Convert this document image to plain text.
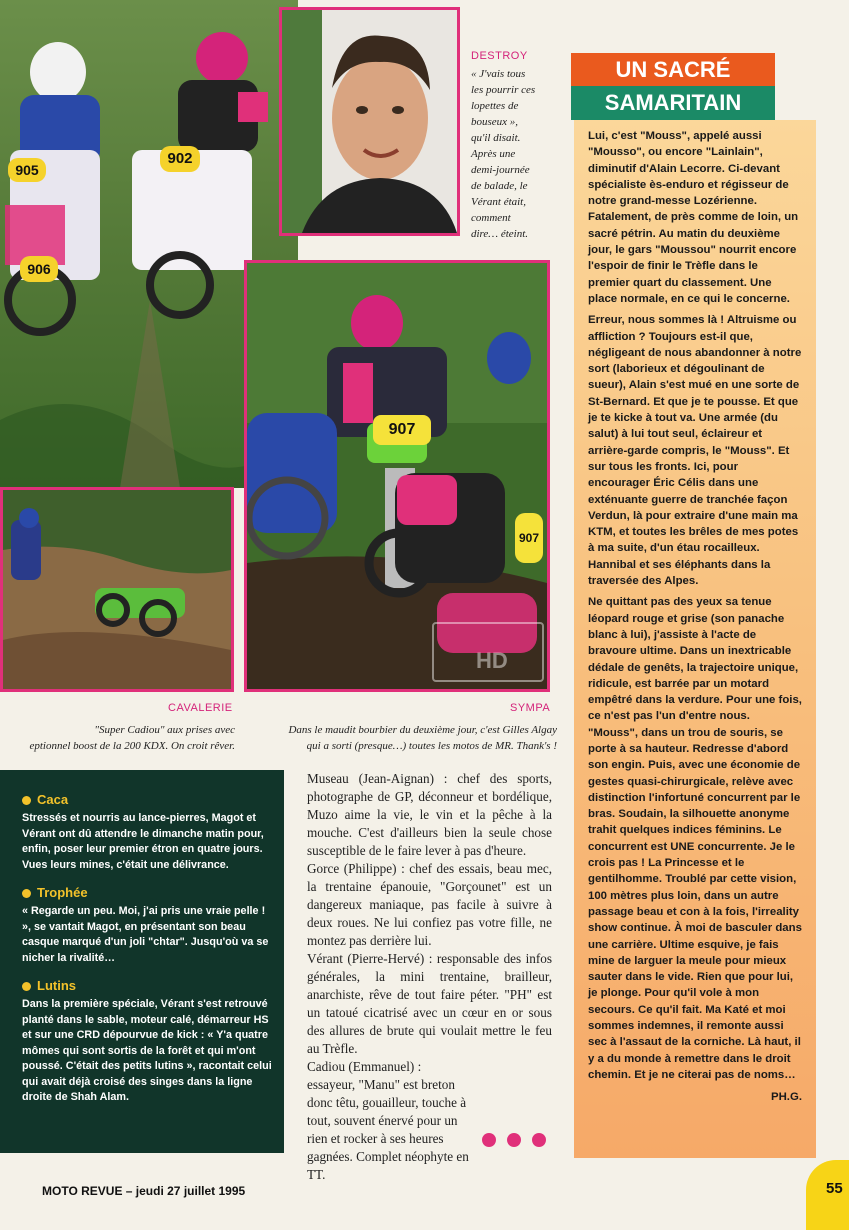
905
902
906
DESTROY
« J'vais tous
les pourrir ces
lopettes de
bouseux »,
qu'il disait.
Après une
demi-journée
de balade, le
Vérant était,
comment
dire… éteint.
907
907
HD
CAVALERIE
"Super Cadiou" aux prises avec
eptionnel boost de la 200 KDX. On croit rêver.
SYMPA
Dans le maudit bourbier du deuxième jour, c'est Gilles Algay
qui a sorti (presque…) toutes les motos de MR. Thank's !
UN SACRÉ
SAMARITAIN

Lui, c'est "Mouss", appelé aussi "Mousso", ou encore "Lainlain", diminutif d'Alain Lecorre. Ci-devant spécialiste ès-enduro et régisseur de notre grand-messe Lozérienne. Fatalement, de près comme de loin, un sacré pétrin. Au matin du deuxième jour, le gars "Moussou" nourrit encore l'espoir de finir le Trèfle dans le premier quart du classement. Une place normale, en ce qui le concerne.

Erreur, nous sommes là ! Altruisme ou affliction ? Toujours est-il que, négligeant de nous abandonner à notre sort (laborieux et dégoulinant de sueur), Alain s'est mué en une sorte de St-Bernard. Et que je te pousse. Et que je te kicke à tout va. Une armée (du salut) à lui tout seul, éclaireur et arrière-garde compris, le "Mouss". Et sur tous les fronts. Ici, pour encourager Éric Célis dans une exténuante guerre de tranchée façon Verdun, là pour extraire d'une main ma KTM, et toutes les brêles de mes potes à ma suite, d'un étau rocailleux. Hannibal et ses éléphants dans la traversée des Alpes.

Ne quittant pas des yeux sa tenue léopard rouge et grise (son panache blanc à lui), j'assiste à l'acte de bravoure ultime. Dans un inextricable dédale de genêts, la trajectoire unique, ridicule, est barrée par un motard empêtré dans la verdure. Pour une fois, ce n'est pas l'un d'entre nous. "Mouss", dans un trou de souris, se porte à sa hauteur. Redresse d'abord son engin. Puis, avec une économie de gestes quasi-chirurgicale, relève avec distinction l'infortuné concurrent par le bras. Soudain, la silhouette anonyme trahit quelques indices féminins. Le concurrent est UNE concurrente. Je le crois pas ! La Princesse et le gentilhomme. Troublé par cette vision, 100 mètres plus loin, dans un autre passage beau et con à la fois, l'irreality show continue. À moi de basculer dans une carrière. Ultime esquive, je fais mine de larguer la meule pour mieux sauter dans le vide. Rien que pour lui, je plonge. Pour qu'il vole à mon secours. Ce qu'il fait. Ma Katé et moi sommes indemnes, il remonte aussi sec à l'assaut de la corniche. Là haut, il y a du monde à remettre dans le droit chemin. Et je ne citerai pas de noms…

PH.G.

Caca
Stressés et nourris au lance-pierres, Magot et Vérant ont dû attendre le dimanche matin pour, enfin, poser leur premier étron en quatre jours. Vues leurs mines, c'était une délivrance.
Trophée
« Regarde un peu. Moi, j'ai pris une vraie pelle ! », se vantait Magot, en présentant son beau casque marqué d'un joli "chtar". Jusqu'où va se nicher la rivalité…
Lutins
Dans la première spéciale, Vérant s'est retrouvé planté dans le sable, moteur calé, démarreur HS et sur une CRD dépourvue de kick : « Y'a quatre mômes qui sont sortis de la forêt et qui m'ont poussé. C'était des petits lutins », racontait celui qui avait déjà croisé des singes dans la ligne droite de Shah Alam.

Museau (Jean-Aignan) : chef des sports, photographe de GP, déconneur et bordélique, Muzo aime la vie, le vin et la pêche à la mouche. C'est d'ailleurs bien la seule chose susceptible de le faire lever à pas d'heure.

Gorce (Philippe) : chef des essais, beau mec, la trentaine épanouie, "Gorçounet" est un dangereux maniaque, pas facile à suivre à deux roues. Ne lui confiez pas votre fille, ne montez pas derrière lui.

Vérant (Pierre-Hervé) : responsable des infos générales, la mini trentaine, brailleur, anarchiste, rêve de tout faire péter. "PH" est un tatoué cicatrisé avec un cœur en or sous des allures de brute qui voulait mettre le feu au Trèfle.

Cadiou (Emmanuel) : essayeur, "Manu" est breton donc têtu, gouailleur, touche à tout, souvent énervé pour un rien et rocker à ses heures gagnées. Complet néophyte en TT.

MOTO REVUE – jeudi 27 juillet 1995	55
